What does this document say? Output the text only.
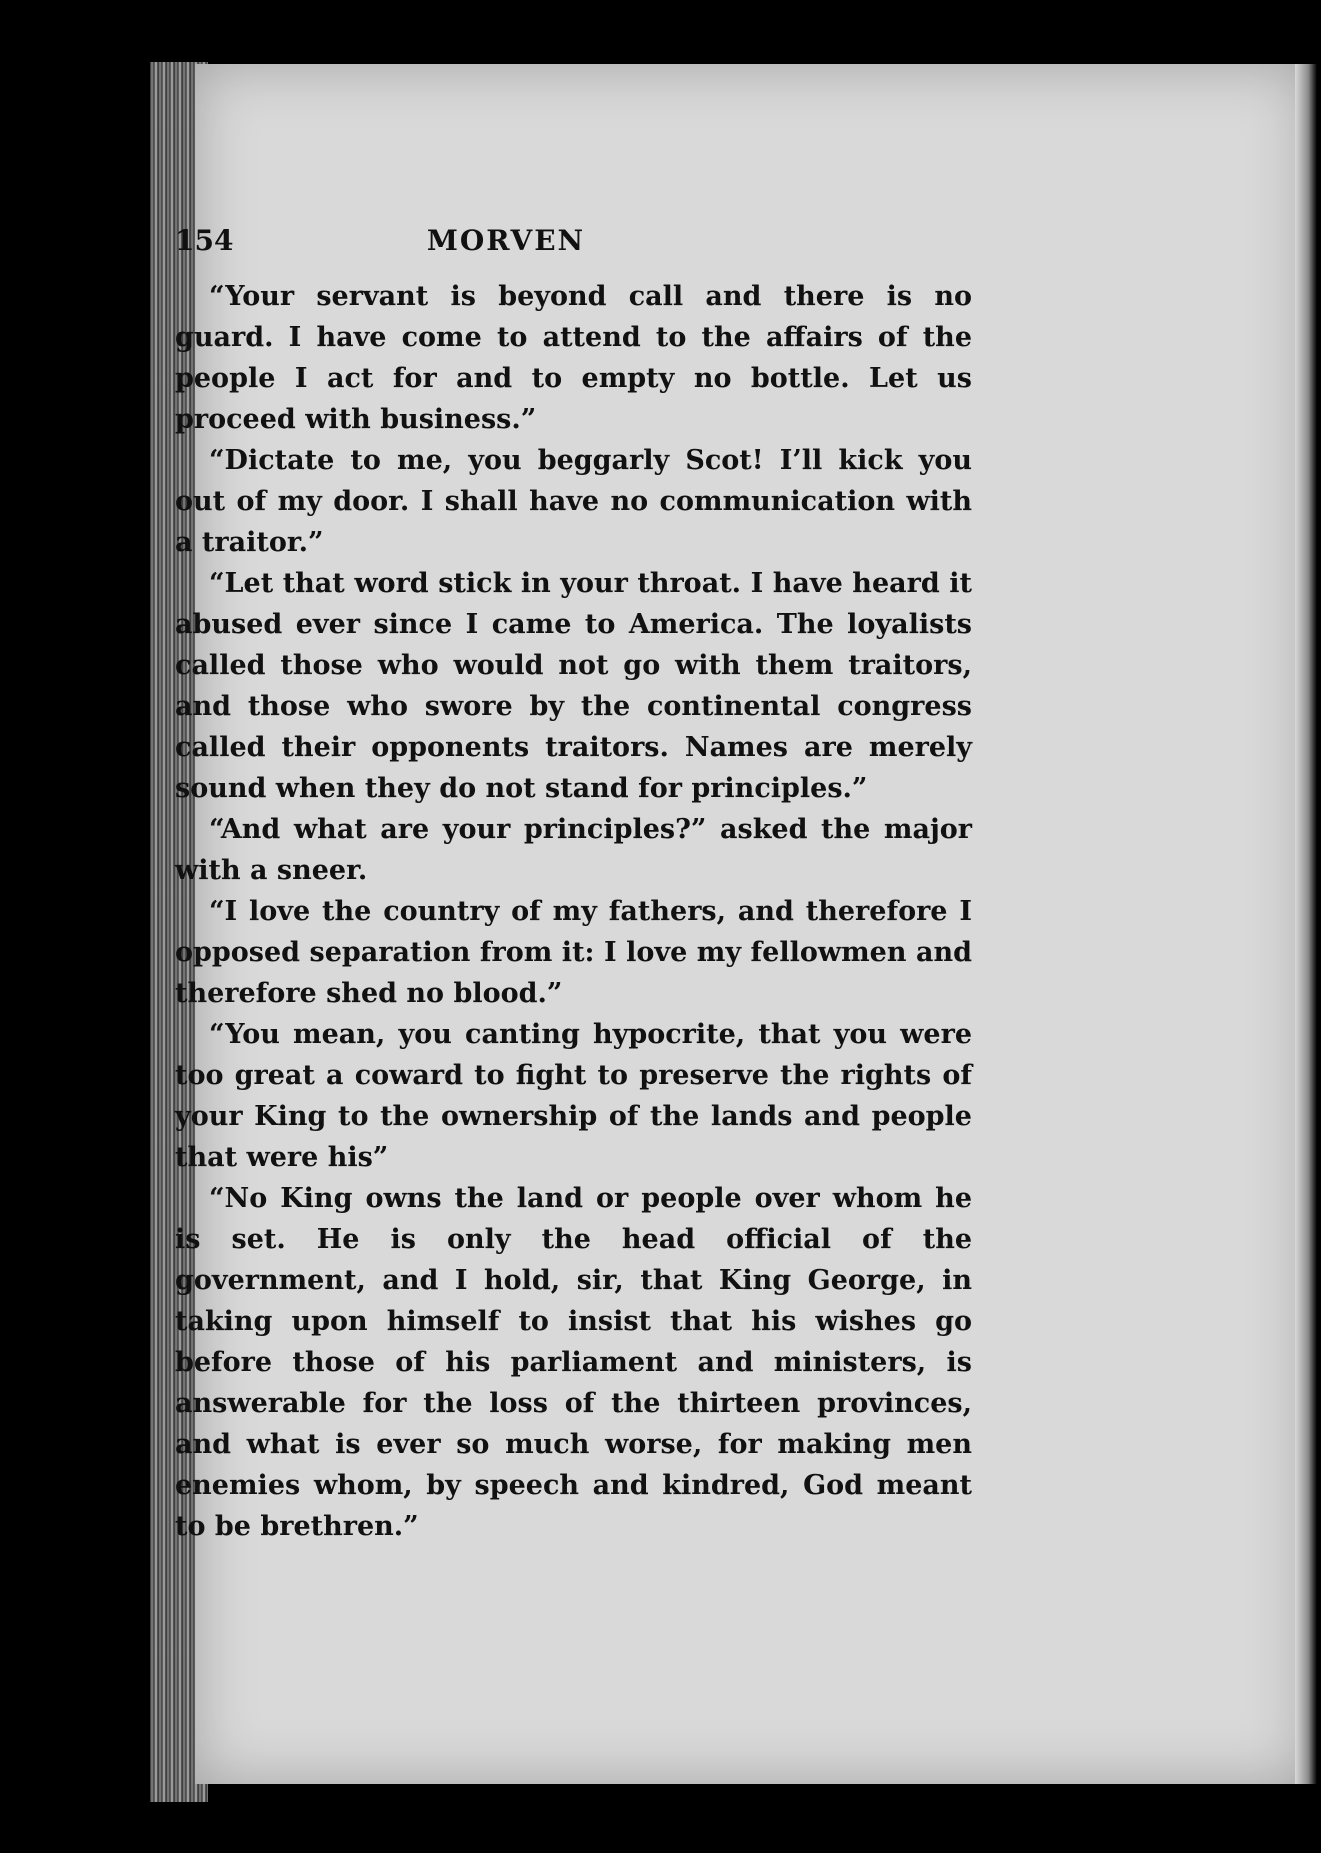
154	MORVEN

“Your servant is beyond call and there is no guard. I have come to attend to the affairs of the people I act for and to empty no bottle. Let us proceed with business.”

“Dictate to me, you beggarly Scot! I’ll kick you out of my door. I shall have no communication with a traitor.”

“Let that word stick in your throat. I have heard it abused ever since I came to America. The loyalists called those who would not go with them traitors, and those who swore by the continental congress called their opponents traitors. Names are merely sound when they do not stand for principles.”

“And what are your principles?” asked the major with a sneer.

“I love the country of my fathers, and therefore I opposed separation from it: I love my fellowmen and therefore shed no blood.”

“You mean, you canting hypocrite, that you were too great a coward to fight to preserve the rights of your King to the ownership of the lands and people that were his”

“No King owns the land or people over whom he is set. He is only the head official of the government, and I hold, sir, that King George, in taking upon himself to insist that his wishes go before those of his parliament and ministers, is answerable for the loss of the thirteen provinces, and what is ever so much worse, for making men enemies whom, by speech and kindred, God meant to be brethren.”
